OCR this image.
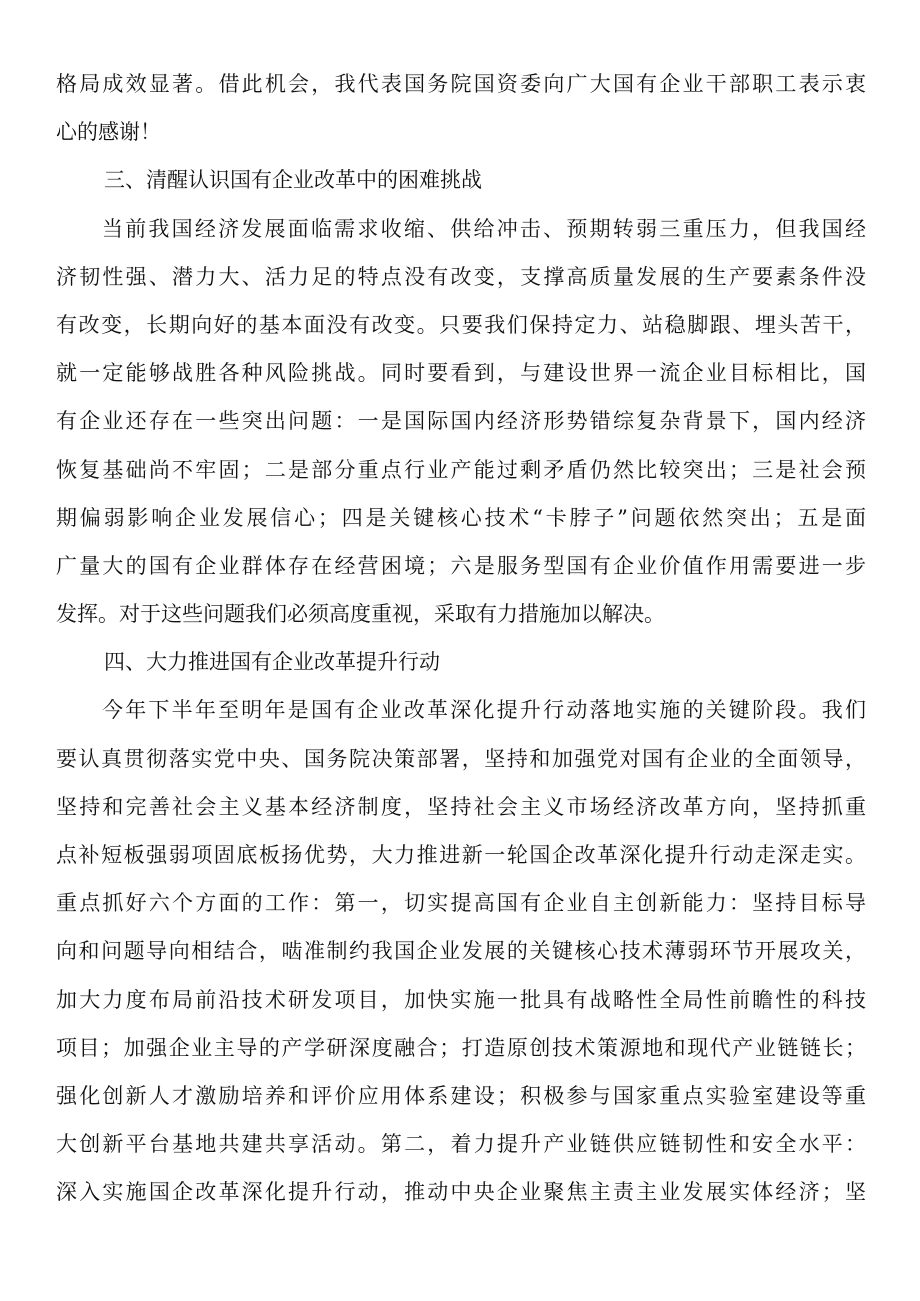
格局成效显著。借此机会，我代表国务院国资委向广大国有企业干部职工表示衷
心的感谢！
三、清醒认识国有企业改革中的困难挑战
当前我国经济发展面临需求收缩、供给冲击、预期转弱三重压力，但我国经
济韧性强、潜力大、活力足的特点没有改变，支撑高质量发展的生产要素条件没
有改变，长期向好的基本面没有改变。只要我们保持定力、站稳脚跟、埋头苦干，
就一定能够战胜各种风险挑战。同时要看到，与建设世界一流企业目标相比，国
有企业还存在一些突出问题：一是国际国内经济形势错综复杂背景下，国内经济
恢复基础尚不牢固；二是部分重点行业产能过剩矛盾仍然比较突出；三是社会预
期偏弱影响企业发展信心；四是关键核心技术“卡脖子”问题依然突出；五是面
广量大的国有企业群体存在经营困境；六是服务型国有企业价值作用需要进一步
发挥。对于这些问题我们必须高度重视，采取有力措施加以解决。
四、大力推进国有企业改革提升行动
今年下半年至明年是国有企业改革深化提升行动落地实施的关键阶段。我们
要认真贯彻落实党中央、国务院决策部署，坚持和加强党对国有企业的全面领导，
坚持和完善社会主义基本经济制度，坚持社会主义市场经济改革方向，坚持抓重
点补短板强弱项固底板扬优势，大力推进新一轮国企改革深化提升行动走深走实。
重点抓好六个方面的工作：第一，切实提高国有企业自主创新能力：坚持目标导
向和问题导向相结合，啮准制约我国企业发展的关键核心技术薄弱环节开展攻关，
加大力度布局前沿技术研发项目，加快实施一批具有战略性全局性前瞻性的科技
项目；加强企业主导的产学研深度融合；打造原创技术策源地和现代产业链链长；
强化创新人才激励培养和评价应用体系建设；积极参与国家重点实验室建设等重
大创新平台基地共建共享活动。第二，着力提升产业链供应链韧性和安全水平：
深入实施国企改革深化提升行动，推动中央企业聚焦主责主业发展实体经济；坚
